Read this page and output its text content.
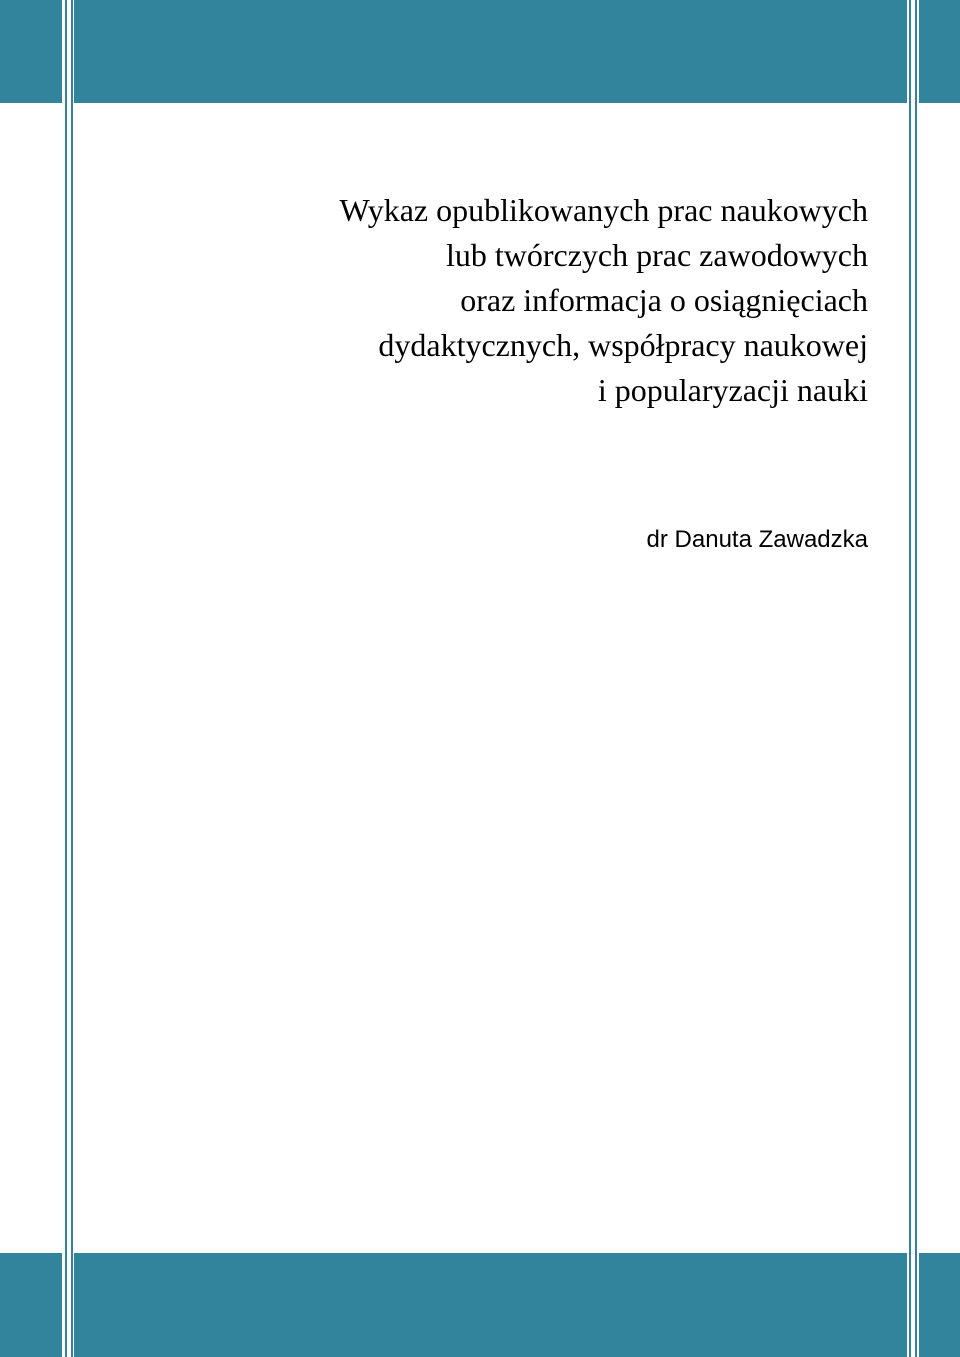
Wykaz opublikowanych prac naukowych
lub twórczych prac zawodowych
oraz informacja o osiągnięciach
dydaktycznych, współpracy naukowej
i popularyzacji nauki
dr Danuta Zawadzka
